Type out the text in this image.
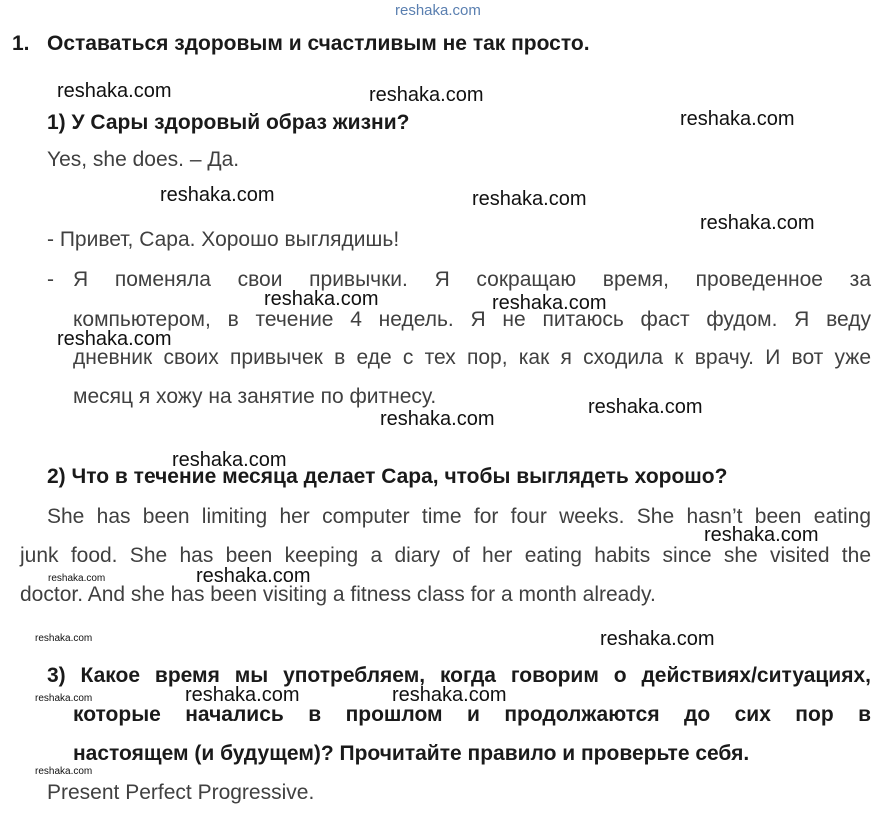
reshaka.com
1. Оставаться здоровым и счастливым не так просто.
1) У Сары здоровый образ жизни?
Yes, she does. – Да.
- Привет, Сара. Хорошо выглядишь!
- Я поменяла свои привычки. Я сокращаю время, проведенное за
компьютером, в течение 4 недель. Я не питаюсь фаст фудом. Я веду
дневник своих привычек в еде с тех пор, как я сходила к врачу. И вот уже
месяц я хожу на занятие по фитнесу.
2) Что в течение месяца делает Сара, чтобы выглядеть хорошо?
She has been limiting her computer time for four weeks. She hasn’t been eating
junk food. She has been keeping a diary of her eating habits since she visited the
doctor. And she has been visiting a fitness class for a month already.
3) Какое время мы употребляем, когда говорим о действиях/ситуациях,
которые начались в прошлом и продолжаются до сих пор в
настоящем (и будущем)? Прочитайте правило и проверьте себя.
Present Perfect Progressive.
reshaka.com	reshaka.com
reshaka.com
reshaka.com	reshaka.com
reshaka.com
reshaka.com	reshaka.com
reshaka.com
reshaka.com
reshaka.com
reshaka.com
reshaka.com
reshaka.com
reshaka.com
reshaka.com	reshaka.com
reshaka.com
reshaka.com
reshaka.com
reshaka.com
